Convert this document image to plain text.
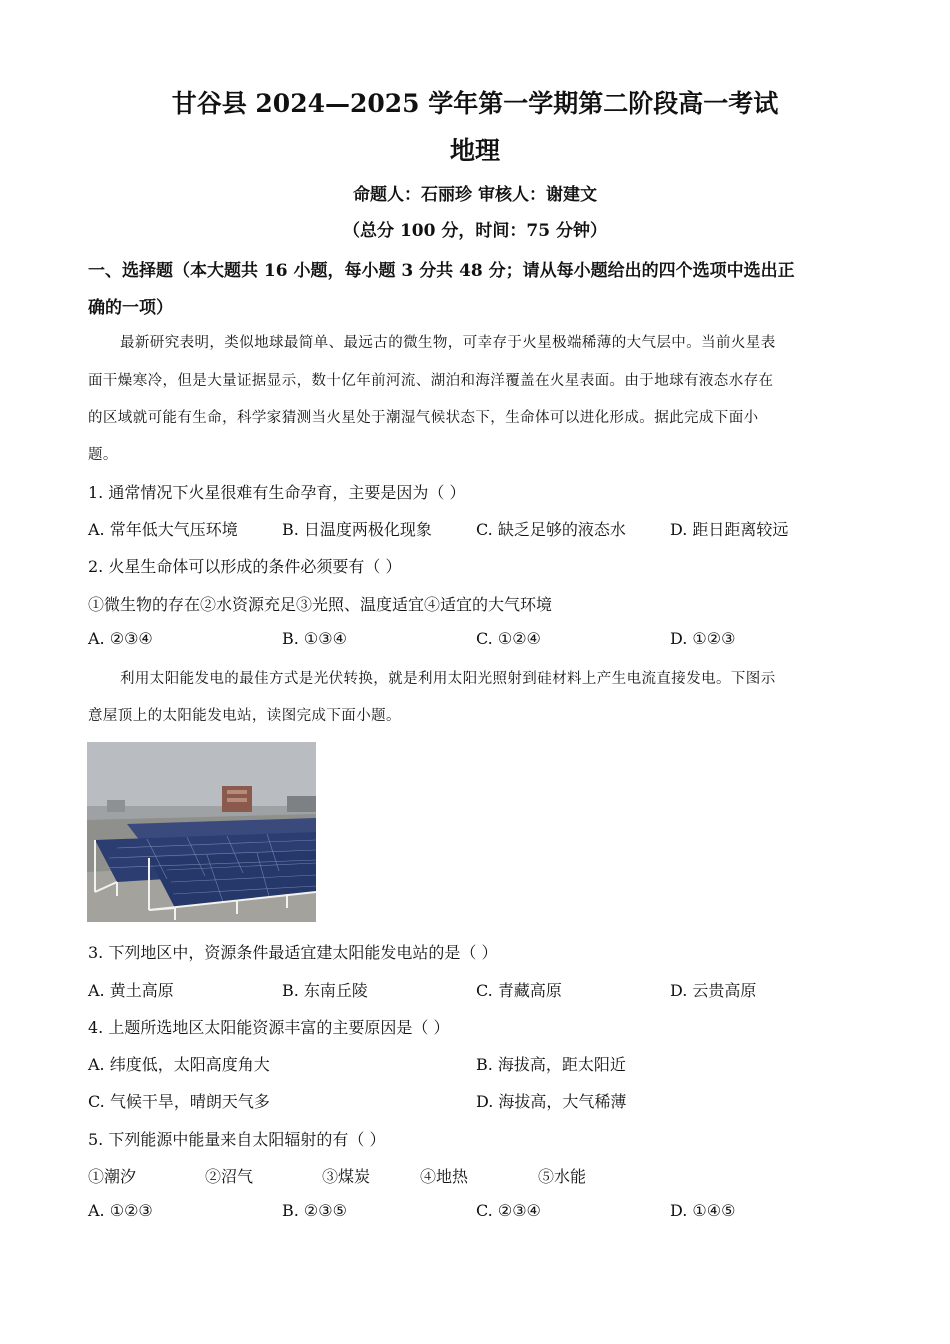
甘谷县 2024—2025 学年第一学期第二阶段高一考试
地理
命题人：石丽珍 审核人：谢建文
（总分 100 分，时间：75 分钟）
一、选择题（本大题共 16 小题，每小题 3 分共 48 分；请从每小题给出的四个选项中选出正
确的一项）
最新研究表明，类似地球最简单、最远古的微生物，可幸存于火星极端稀薄的大气层中。当前火星表
面干燥寒冷，但是大量证据显示，数十亿年前河流、湖泊和海洋覆盖在火星表面。由于地球有液态水存在
的区域就可能有生命，科学家猜测当火星处于潮湿气候状态下，生命体可以进化形成。据此完成下面小
题。
1. 通常情况下火星很难有生命孕育，主要是因为（ ）
A. 常年低大气压环境	B. 日温度两极化现象	C. 缺乏足够的液态水	D. 距日距离较远
2. 火星生命体可以形成的条件必须要有（ ）
①微生物的存在②水资源充足③光照、温度适宜④适宜的大气环境
A. ②③④	B. ①③④	C. ①②④	D. ①②③
利用太阳能发电的最佳方式是光伏转换，就是利用太阳光照射到硅材料上产生电流直接发电。下图示
意屋顶上的太阳能发电站，读图完成下面小题。
3. 下列地区中，资源条件最适宜建太阳能发电站的是（ ）
A. 黄土高原	B. 东南丘陵	C. 青藏高原	D. 云贵高原
4. 上题所选地区太阳能资源丰富的主要原因是（ ）
A. 纬度低，太阳高度角大	B. 海拔高，距太阳近
C. 气候干旱，晴朗天气多	D. 海拔高，大气稀薄
5. 下列能源中能量来自太阳辐射的有（ ）
①潮汐	②沼气	③煤炭	④地热	⑤水能
A. ①②③	B. ②③⑤	C. ②③④	D. ①④⑤
